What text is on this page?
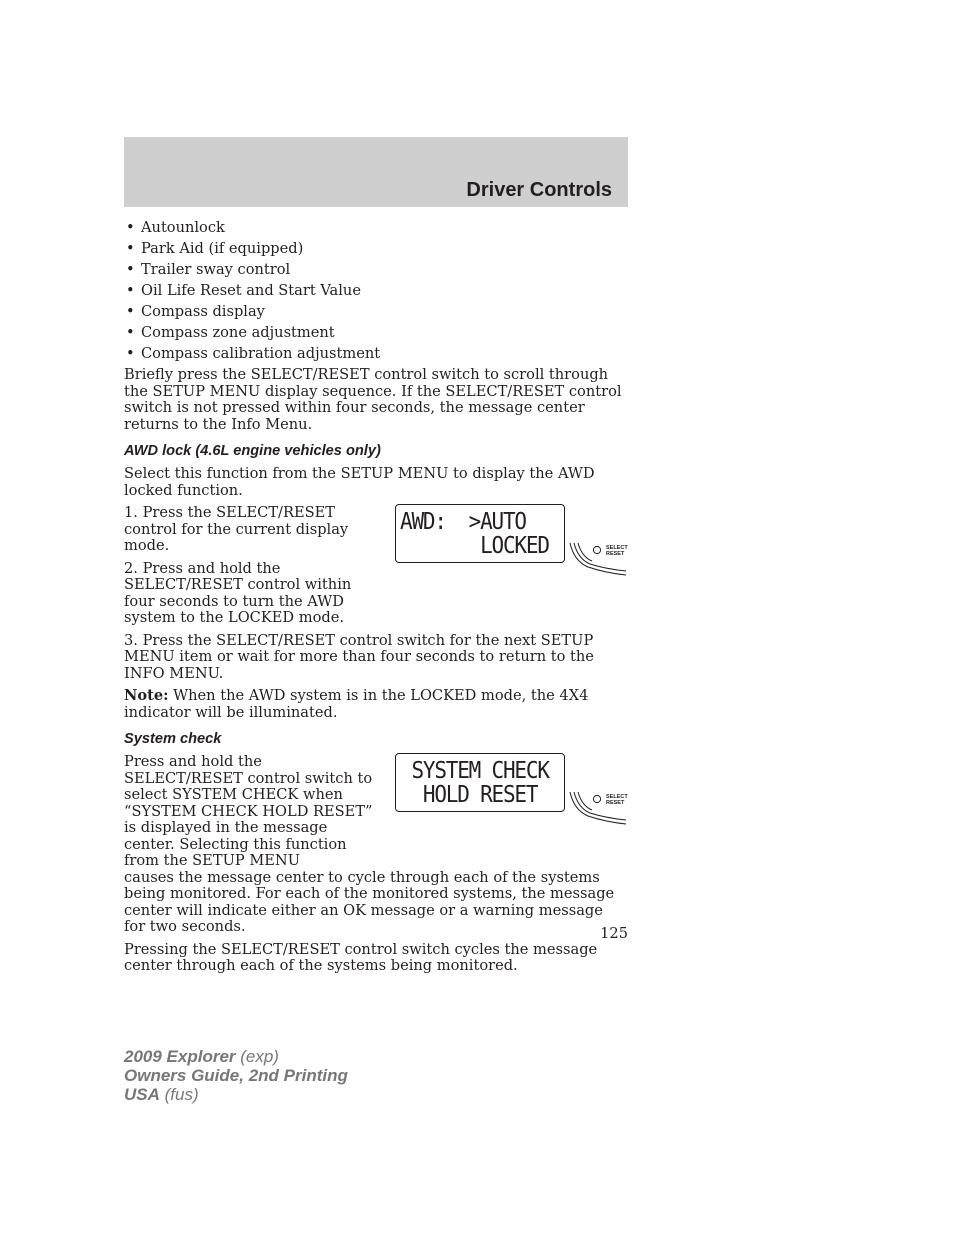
Driver Controls
• Autounlock
• Park Aid (if equipped)
• Trailer sway control
• Oil Life Reset and Start Value
• Compass display
• Compass zone adjustment
• Compass calibration adjustment

Briefly press the SELECT/RESET control switch to scroll through the SETUP MENU display sequence. If the SELECT/RESET control switch is not pressed within four seconds, the message center returns to the Info Menu.

AWD lock (4.6L engine vehicles only)

Select this function from the SETUP MENU to display the AWD locked function.

AWD:  >AUTO
LOCKED	SELECT
RESET

1. Press the SELECT/RESET control for the current display mode.

2. Press and hold the SELECT/RESET control within four seconds to turn the AWD system to the LOCKED mode.

3. Press the SELECT/RESET control switch for the next SETUP MENU item or wait for more than four seconds to return to the INFO MENU.

Note: When the AWD system is in the LOCKED mode, the 4X4 indicator will be illuminated.

System check
SYSTEM CHECK
HOLD RESET	SELECT
RESET
Press and hold the SELECT/RESET control switch to select SYSTEM CHECK when “SYSTEM CHECK HOLD RESET” is displayed in the message center. Selecting this function from the SETUP MENU

causes the message center to cycle through each of the systems being monitored. For each of the monitored systems, the message center will indicate either an OK message or a warning message for two seconds.

Pressing the SELECT/RESET control switch cycles the message center through each of the systems being monitored.

125
2009 Explorer (exp)
Owners Guide, 2nd Printing
USA (fus)
